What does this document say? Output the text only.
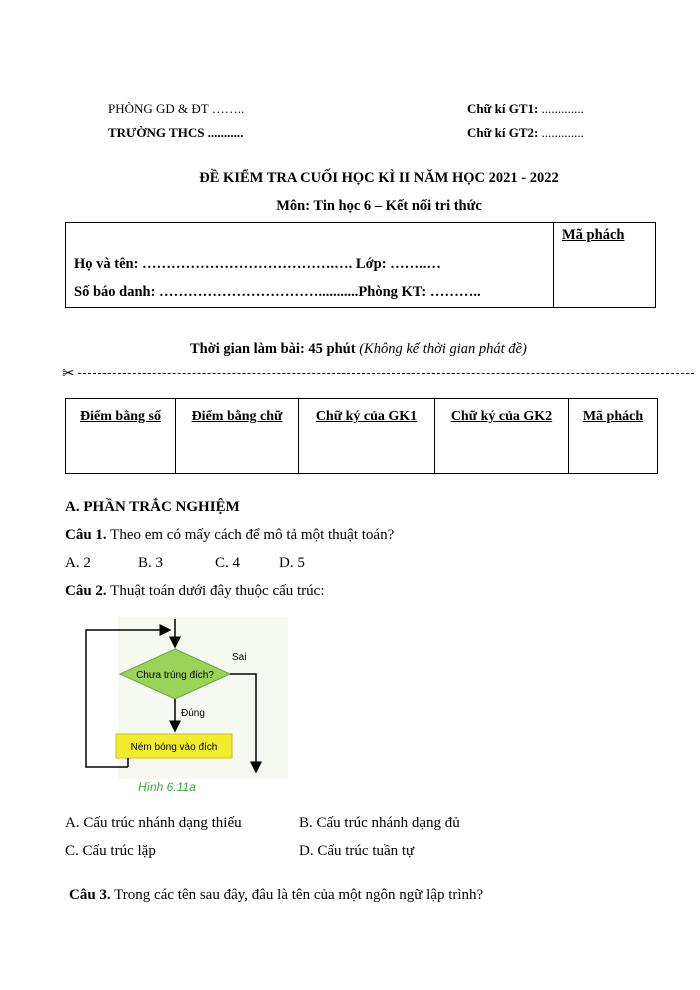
PHÒNG GD & ĐT ……..
TRƯỜNG THCS ...........
Chữ kí GT1: .............
Chữ kí GT2: .............
ĐỀ KIỂM TRA CUỐI HỌC KÌ II NĂM HỌC 2021 - 2022
Môn: Tin học 6 – Kết nối tri thức
Họ và tên: ………………………………….…. Lớp: ……..…
Số báo danh: ……………………………...........Phòng KT: ………..
Mã phách
Thời gian làm bài: 45 phút (Không kể thời gian phát đề)
✂
Điểm bằng số	Điểm bằng chữ	Chữ ký của GK1	Chữ ký của GK2	Mã phách
A. PHẦN TRẮC NGHIỆM
Câu 1. Theo em có mấy cách để mô tả một thuật toán?
A. 2	B. 3	C. 4	D. 5
Câu 2. Thuật toán dưới đây thuộc cấu trúc:
Chưa trúng đích?
Sai
Đúng
Ném bóng vào đích
Hình 6.11a
A. Cấu trúc nhánh dạng thiếu	B. Cấu trúc nhánh dạng đủ
C. Cấu trúc lặp	D. Cấu trúc tuần tự
Câu 3. Trong các tên sau đây, đâu là tên của một ngôn ngữ lập trình?
